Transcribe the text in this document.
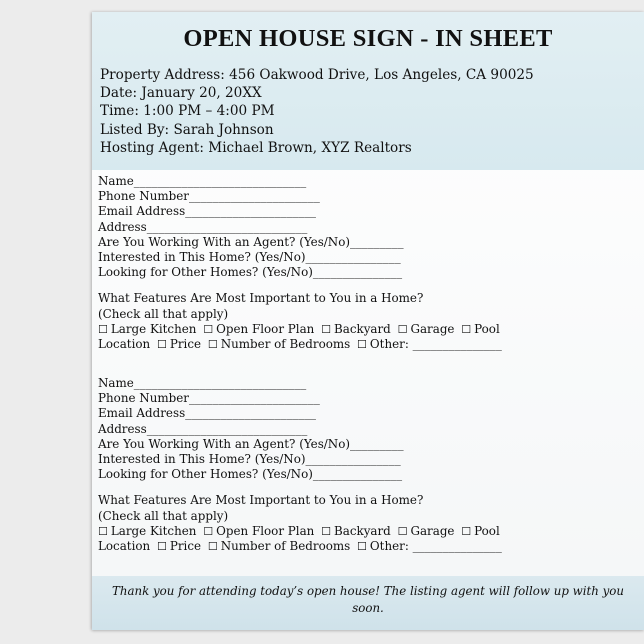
OPEN HOUSE SIGN - IN SHEET
Property Address: 456 Oakwood Drive, Los Angeles, CA 90025
Date: January 20, 20XX
Time: 1:00 PM – 4:00 PM
Listed By: Sarah Johnson
Hosting Agent: Michael Brown, XYZ Realtors
Name_____________________________
Phone Number______________________
Email Address______________________
Address___________________________
Are You Working With an Agent? (Yes/No)_________
Interested in This Home? (Yes/No)________________
Looking for Other Homes? (Yes/No)_______________
What Features Are Most Important to You in a Home?
(Check all that apply)
☐ Large Kitchen ☐ Open Floor Plan ☐ Backyard ☐ Garage ☐ Pool
Location ☐ Price ☐ Number of Bedrooms ☐ Other: _______________
Name_____________________________
Phone Number______________________
Email Address______________________
Address___________________________
Are You Working With an Agent? (Yes/No)_________
Interested in This Home? (Yes/No)________________
Looking for Other Homes? (Yes/No)_______________
What Features Are Most Important to You in a Home?
(Check all that apply)
☐ Large Kitchen ☐ Open Floor Plan ☐ Backyard ☐ Garage ☐ Pool
Location ☐ Price ☐ Number of Bedrooms ☐ Other: _______________
Thank you for attending today’s open house! The listing agent will follow up with you soon.
